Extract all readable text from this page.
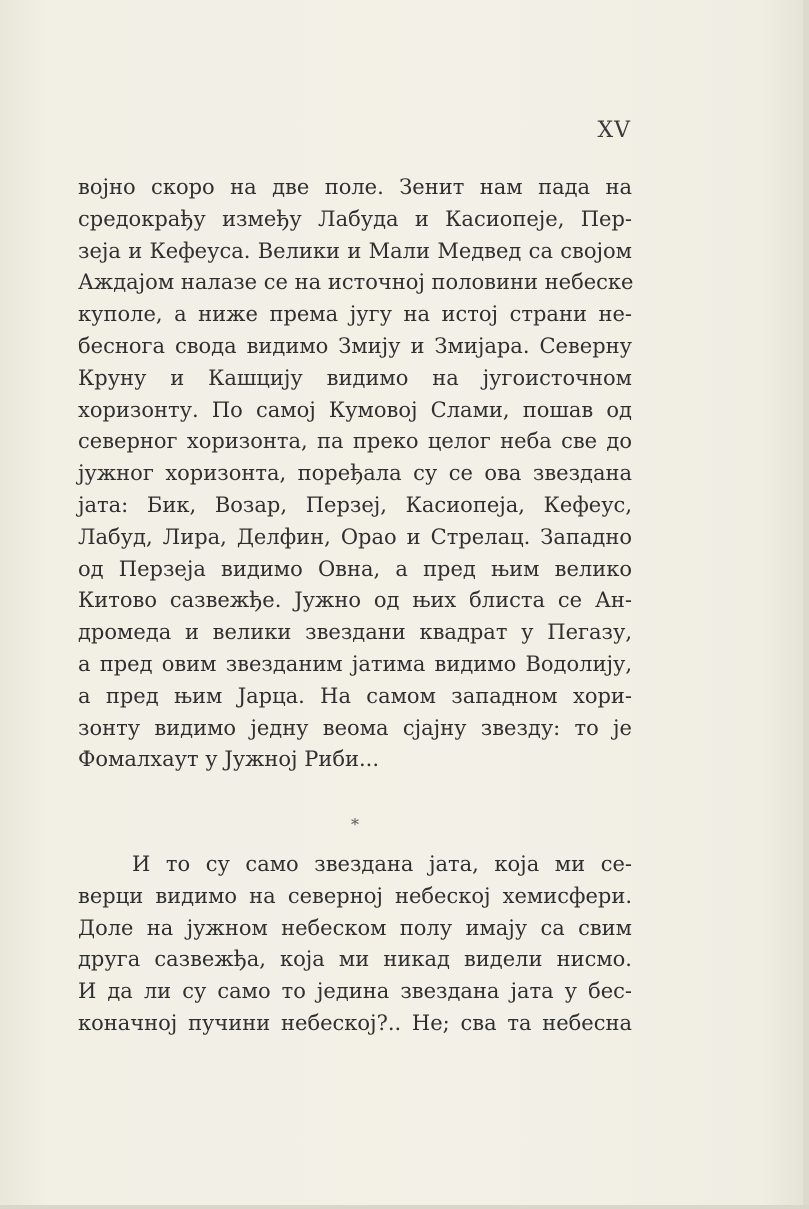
XV
војно скоро на две поле. Зенит нам пада на
средокрађу између Лабуда и Касиопеје, Пер-
зеја и Кефеуса. Велики и Мали Медвед са својом
Аждајом налазе се на источној половини небеске
куполе, а ниже према југу на истој страни не-
беснога свода видимо Змију и Змијара. Северну
Круну и Кашцију видимо на југоисточном
хоризонту. По самој Кумовој Слами, пошав од
северног хоризонта, па преко целог неба све до
јужног хоризонта, поређала су се ова звездана
јата: Бик, Возар, Перзеј, Касиопеја, Кефеус,
Лабуд, Лира, Делфин, Орао и Стрелац. Западно
од Перзеја видимо Овна, а пред њим велико
Китово сазвежђе. Јужно од њих блиста се Ан-
дромеда и велики звездани квадрат у Пегазу,
а пред овим звезданим јатима видимо Водолију,
а пред њим Јарца. На самом западном хори-
зонту видимо једну веома сјајну звезду: то је
Фомалхаут у Јужној Риби...
*
И то су само звездана јата, која ми се-
верци видимо на северној небеској хемисфери.
Доле на јужном небеском полу имају са свим
друга сазвежђа, која ми никад видели нисмо.
И да ли су само то једина звездана јата у бес-
конaчној пучини небеској?.. Не; сва та небесна
